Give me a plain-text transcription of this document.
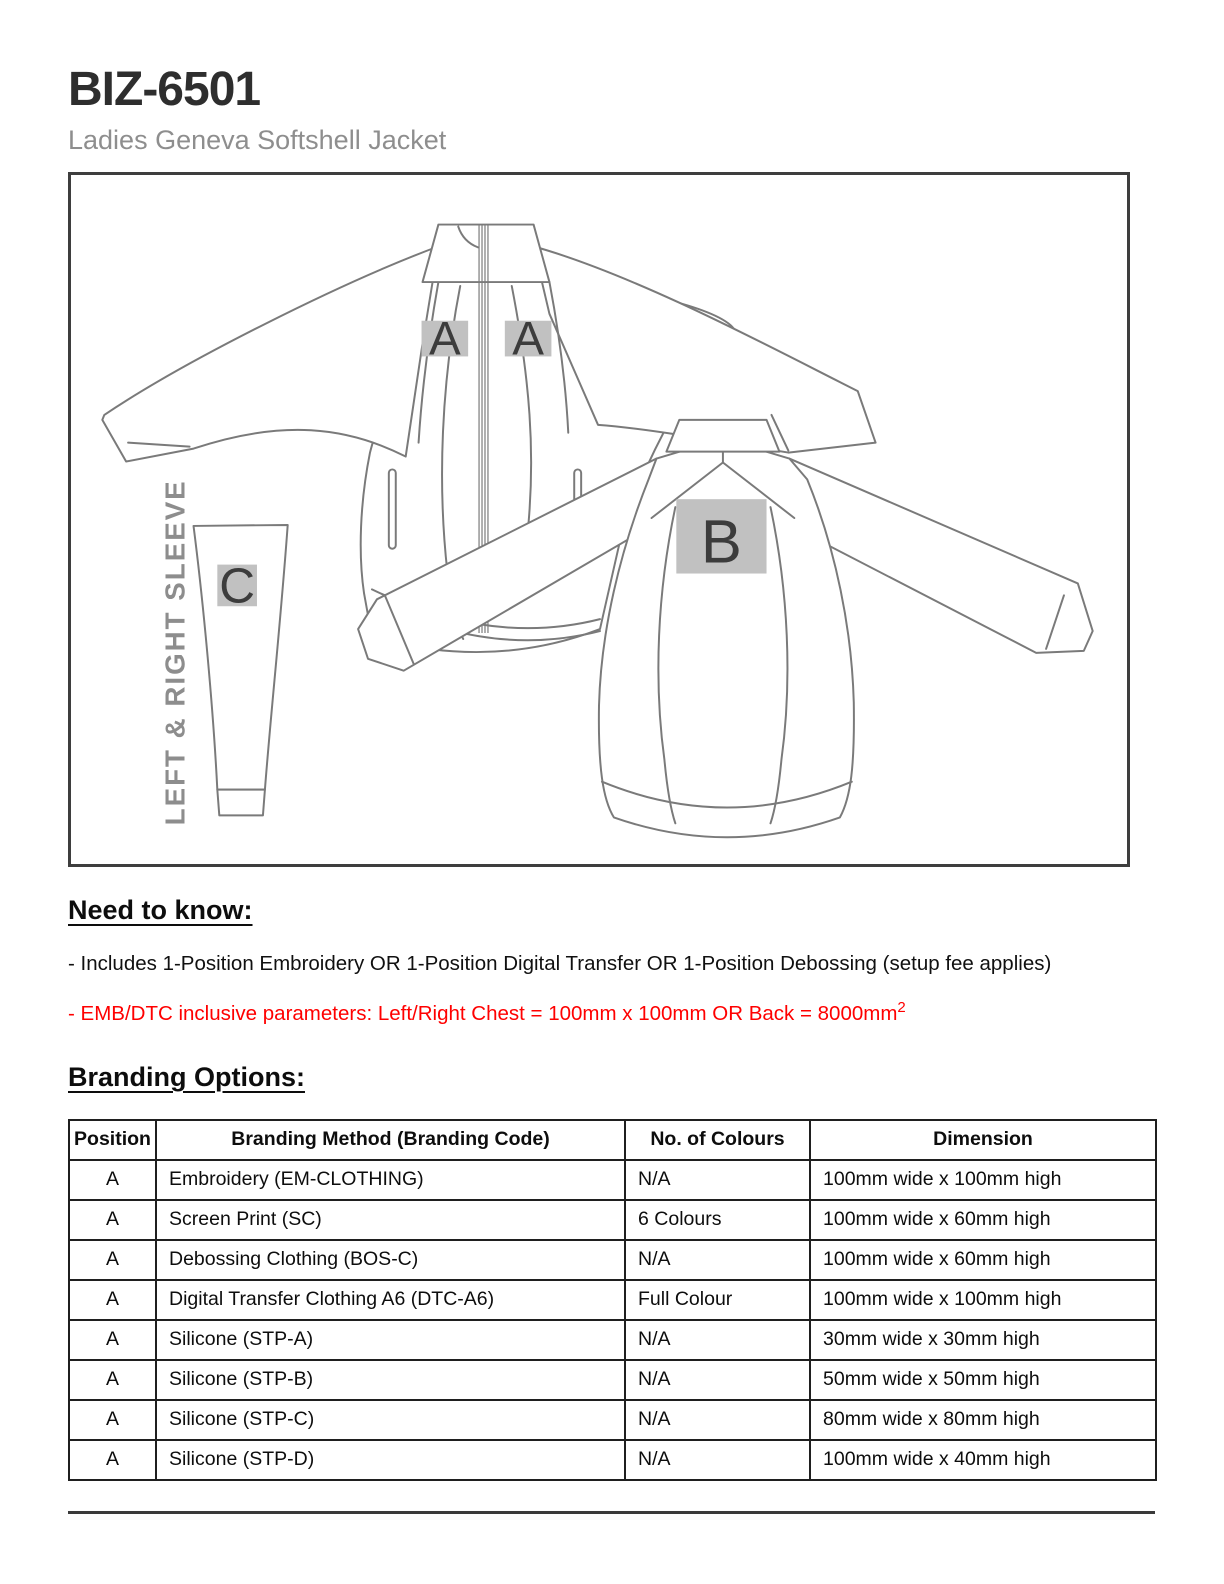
BIZ-6501
Ladies Geneva Softshell Jacket
LEFT & RIGHT SLEEVE
A A
B
C
Need to know:

- Includes 1-Position Embroidery OR 1-Position Digital Transfer OR 1-Position Debossing (setup fee applies)

- EMB/DTC inclusive parameters: Left/Right Chest = 100mm x 100mm OR Back = $8000mm^2$

Branding Options:
Position	Branding Method (Branding Code)	No. of Colours	Dimension
A	Embroidery (EM-CLOTHING)	N/A	100mm wide x 100mm high
A	Screen Print (SC)	6 Colours	100mm wide x 60mm high
A	Debossing Clothing (BOS-C)	N/A	100mm wide x 60mm high
A	Digital Transfer Clothing A6 (DTC-A6)	Full Colour	100mm wide x 100mm high
A	Silicone (STP-A)	N/A	30mm wide x 30mm high
A	Silicone (STP-B)	N/A	50mm wide x 50mm high
A	Silicone (STP-C)	N/A	80mm wide x 80mm high
A	Silicone (STP-D)	N/A	100mm wide x 40mm high
